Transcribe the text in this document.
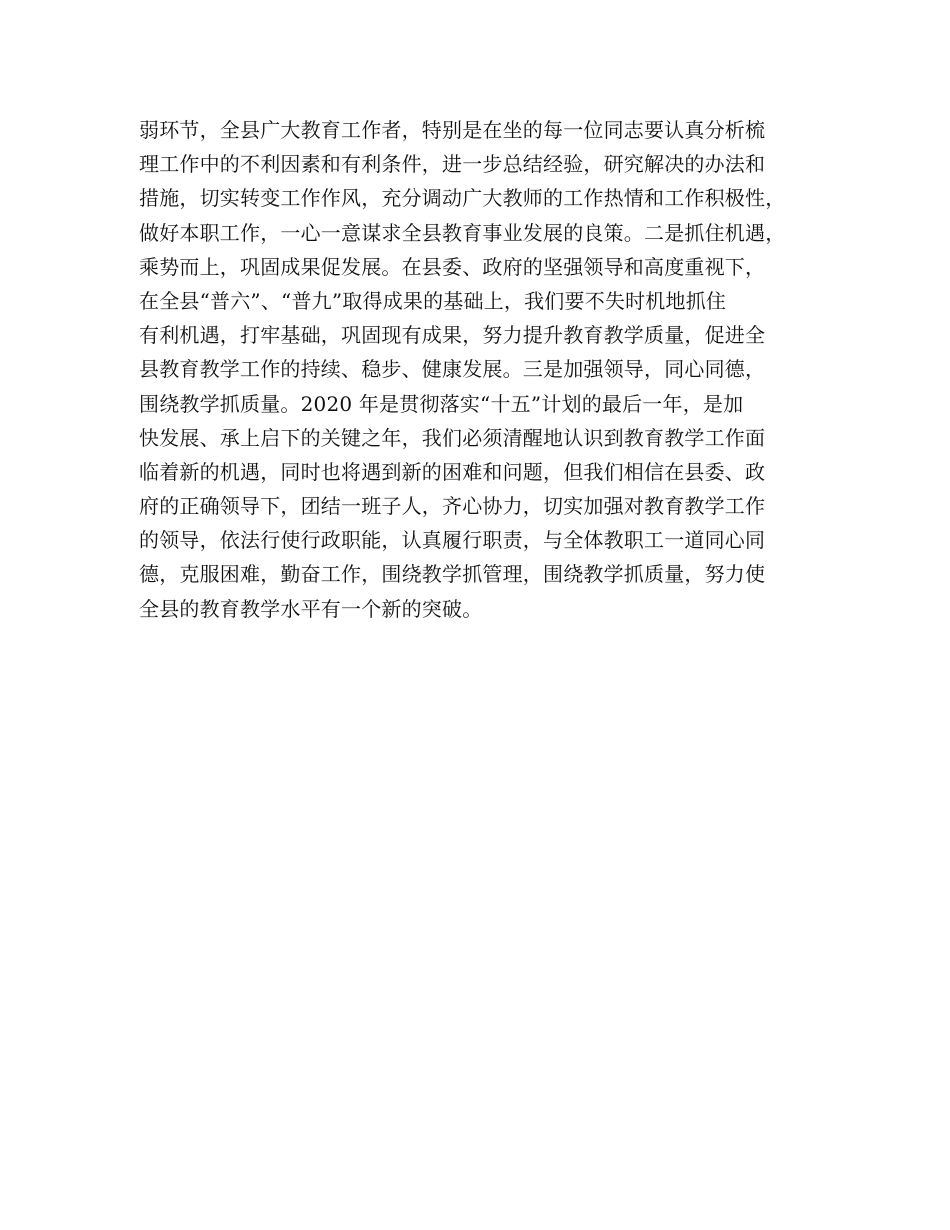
弱环节，全县广大教育工作者，特别是在坐的每一位同志要认真分析梳
理工作中的不利因素和有利条件，进一步总结经验，研究解决的办法和
措施，切实转变工作作风，充分调动广大教师的工作热情和工作积极性，
做好本职工作，一心一意谋求全县教育事业发展的良策。二是抓住机遇，
乘势而上，巩固成果促发展。在县委、政府的坚强领导和高度重视下，
在全县“普六”、“普九”取得成果的基础上，我们要不失时机地抓住
有利机遇，打牢基础，巩固现有成果，努力提升教育教学质量，促进全
县教育教学工作的持续、稳步、健康发展。三是加强领导，同心同德，
围绕教学抓质量。2020 年是贯彻落实“十五”计划的最后一年，是加
快发展、承上启下的关键之年，我们必须清醒地认识到教育教学工作面
临着新的机遇，同时也将遇到新的困难和问题，但我们相信在县委、政
府的正确领导下，团结一班子人，齐心协力，切实加强对教育教学工作
的领导，依法行使行政职能，认真履行职责，与全体教职工一道同心同
德，克服困难，勤奋工作，围绕教学抓管理，围绕教学抓质量，努力使
全县的教育教学水平有一个新的突破。
